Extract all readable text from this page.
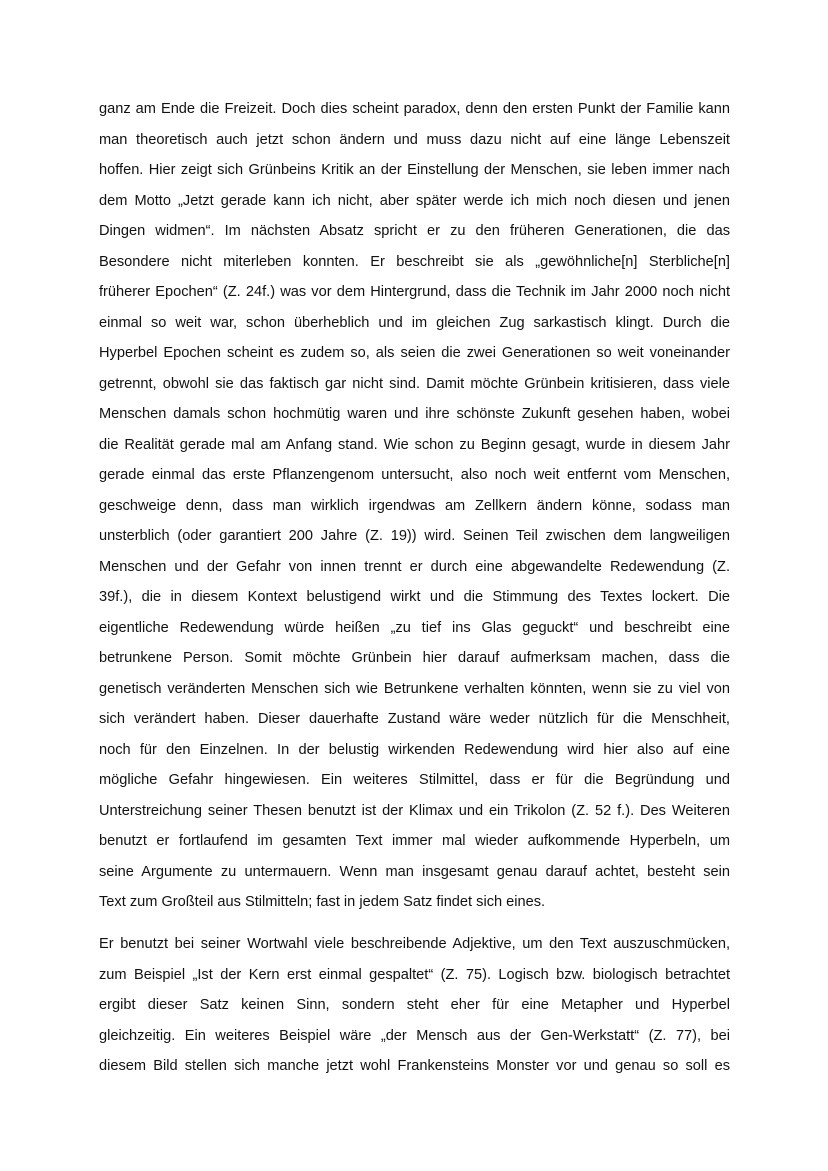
ganz am Ende die Freizeit. Doch dies scheint paradox, denn den ersten Punkt der Familie kann
man theoretisch auch jetzt schon ändern und muss dazu nicht auf eine länge Lebenszeit
hoffen. Hier zeigt sich Grünbeins Kritik an der Einstellung der Menschen, sie leben immer nach
dem Motto „Jetzt gerade kann ich nicht, aber später werde ich mich noch diesen und jenen
Dingen widmen“. Im nächsten Absatz spricht er zu den früheren Generationen, die das
Besondere nicht miterleben konnten. Er beschreibt sie als „gewöhnliche[n] Sterbliche[n]
früherer Epochen“ (Z. 24f.) was vor dem Hintergrund, dass die Technik im Jahr 2000 noch nicht
einmal so weit war, schon überheblich und im gleichen Zug sarkastisch klingt. Durch die
Hyperbel Epochen scheint es zudem so, als seien die zwei Generationen so weit voneinander
getrennt, obwohl sie das faktisch gar nicht sind. Damit möchte Grünbein kritisieren, dass viele
Menschen damals schon hochmütig waren und ihre schönste Zukunft gesehen haben, wobei
die Realität gerade mal am Anfang stand. Wie schon zu Beginn gesagt, wurde in diesem Jahr
gerade einmal das erste Pflanzengenom untersucht, also noch weit entfernt vom Menschen,
geschweige denn, dass man wirklich irgendwas am Zellkern ändern könne, sodass man
unsterblich (oder garantiert 200 Jahre (Z. 19)) wird. Seinen Teil zwischen dem langweiligen
Menschen und der Gefahr von innen trennt er durch eine abgewandelte Redewendung (Z.
39f.), die in diesem Kontext belustigend wirkt und die Stimmung des Textes lockert. Die
eigentliche Redewendung würde heißen „zu tief ins Glas geguckt“ und beschreibt eine
betrunkene Person. Somit möchte Grünbein hier darauf aufmerksam machen, dass die
genetisch veränderten Menschen sich wie Betrunkene verhalten könnten, wenn sie zu viel von
sich verändert haben. Dieser dauerhafte Zustand wäre weder nützlich für die Menschheit,
noch für den Einzelnen. In der belustig wirkenden Redewendung wird hier also auf eine
mögliche Gefahr hingewiesen. Ein weiteres Stilmittel, dass er für die Begründung und
Unterstreichung seiner Thesen benutzt ist der Klimax und ein Trikolon (Z. 52 f.). Des Weiteren
benutzt er fortlaufend im gesamten Text immer mal wieder aufkommende Hyperbeln, um
seine Argumente zu untermauern. Wenn man insgesamt genau darauf achtet, besteht sein
Text zum Großteil aus Stilmitteln; fast in jedem Satz findet sich eines.
Er benutzt bei seiner Wortwahl viele beschreibende Adjektive, um den Text auszuschmücken,
zum Beispiel „Ist der Kern erst einmal gespaltet“ (Z. 75). Logisch bzw. biologisch betrachtet
ergibt dieser Satz keinen Sinn, sondern steht eher für eine Metapher und Hyperbel
gleichzeitig. Ein weiteres Beispiel wäre „der Mensch aus der Gen-Werkstatt“ (Z. 77), bei
diesem Bild stellen sich manche jetzt wohl Frankensteins Monster vor und genau so soll es
